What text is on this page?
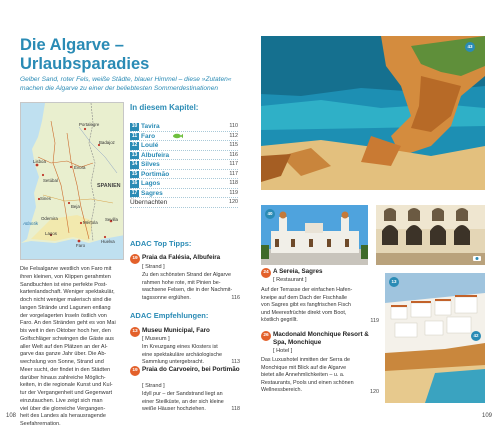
Die Algarve –
Urlaubsparadies
Gelber Sand, roter Fels, weiße Städte, blauer Himmel – diese »Zutaten«
machen die Algarve zu einer der beliebtesten Sommerdestinationen
Lisboa
Setúbal
Évora
Beja
Mértola
Faro
Sevilla
Huelva
SPANIEN
Sines
Portalegre
Badajoz
Odemira
Lagos
Atlantik
In diesem Kapitel:
10 Tavira	110
11 Faro	112
12 Loulé	115
13 Albufeira	116
14 Silves	117
15 Portimão	117
16 Lagos	118
17 Sagres	119
Übernachten	120
ADAC Top Tipps:
19 Praia da Falésia, Albufeira
[ Strand ]
Zu den schönsten Strand der Algarve
rahmen hohe rote, mit Pinien be-
wachsene Felsen, die in der Nachmit-
tagssonne erglühen.	116
ADAC Empfehlungen:
13 Museu Municipal, Faro
[ Museum ]
Im Kreuzgang eines Klosters ist
eine spektakuläre archäologische
Sammlung untergebracht.	113
19 Praia do Carvoeiro, bei Portimão
[ Strand ]
Idyll pur – der Sandstrand liegt an
einer Steilküste, an der sich kleine
weiße Häuser hochziehen.	118
Die Felsalgarve westlich von Faro mit
ihren kleinen, von Klippen gerahmten
Sandbuchten ist eine perfekte Post-
kartenlandschaft. Weniger spektakulär,
doch nicht weniger malerisch sind die
langen Strände und Lagunen entlang
der vorgelagerten Inseln östlich von
Faro. An den Stränden geht es von Mai
bis weit in den Oktober hoch her, den
Golfschläger schwingen die Gäste aus
aller Welt auf den Plätzen an der Al-
garve das ganze Jahr über. Die Ab-
wechslung von Sonne, Strand und
Meer sucht, der findet in den Städten
darüber hinaus zahlreiche Möglich-
keiten, in die regionale Kunst und Kul-
tur der Vergangenheit und Gegenwart
einzutauchen. Live zeigt sich man
viel über die glorreiche Vergangen-
heit des Landes als herausragende
Seefahrernation.
108
43
40
13
42
24 A Sereia, Sagres
[ Restaurant ]
Auf der Terrasse der einfachen Hafen-
kneipe auf dem Dach der Fischhalle
von Sagres gibt es fangfrischen Fisch
und Meeresfrüchte direkt vom Boot,
köstlich gegrillt.	119
26 Macdonald Monchique Resort & Spa, Monchique
[ Hotel ]
Das Luxushotel inmitten der Serra de
Monchique mit Blick auf die Algarve
bietet alle Annehmlichkeiten – u. a.
Restaurants, Pools und einen schönen
Wellnessbereich.	120
109
